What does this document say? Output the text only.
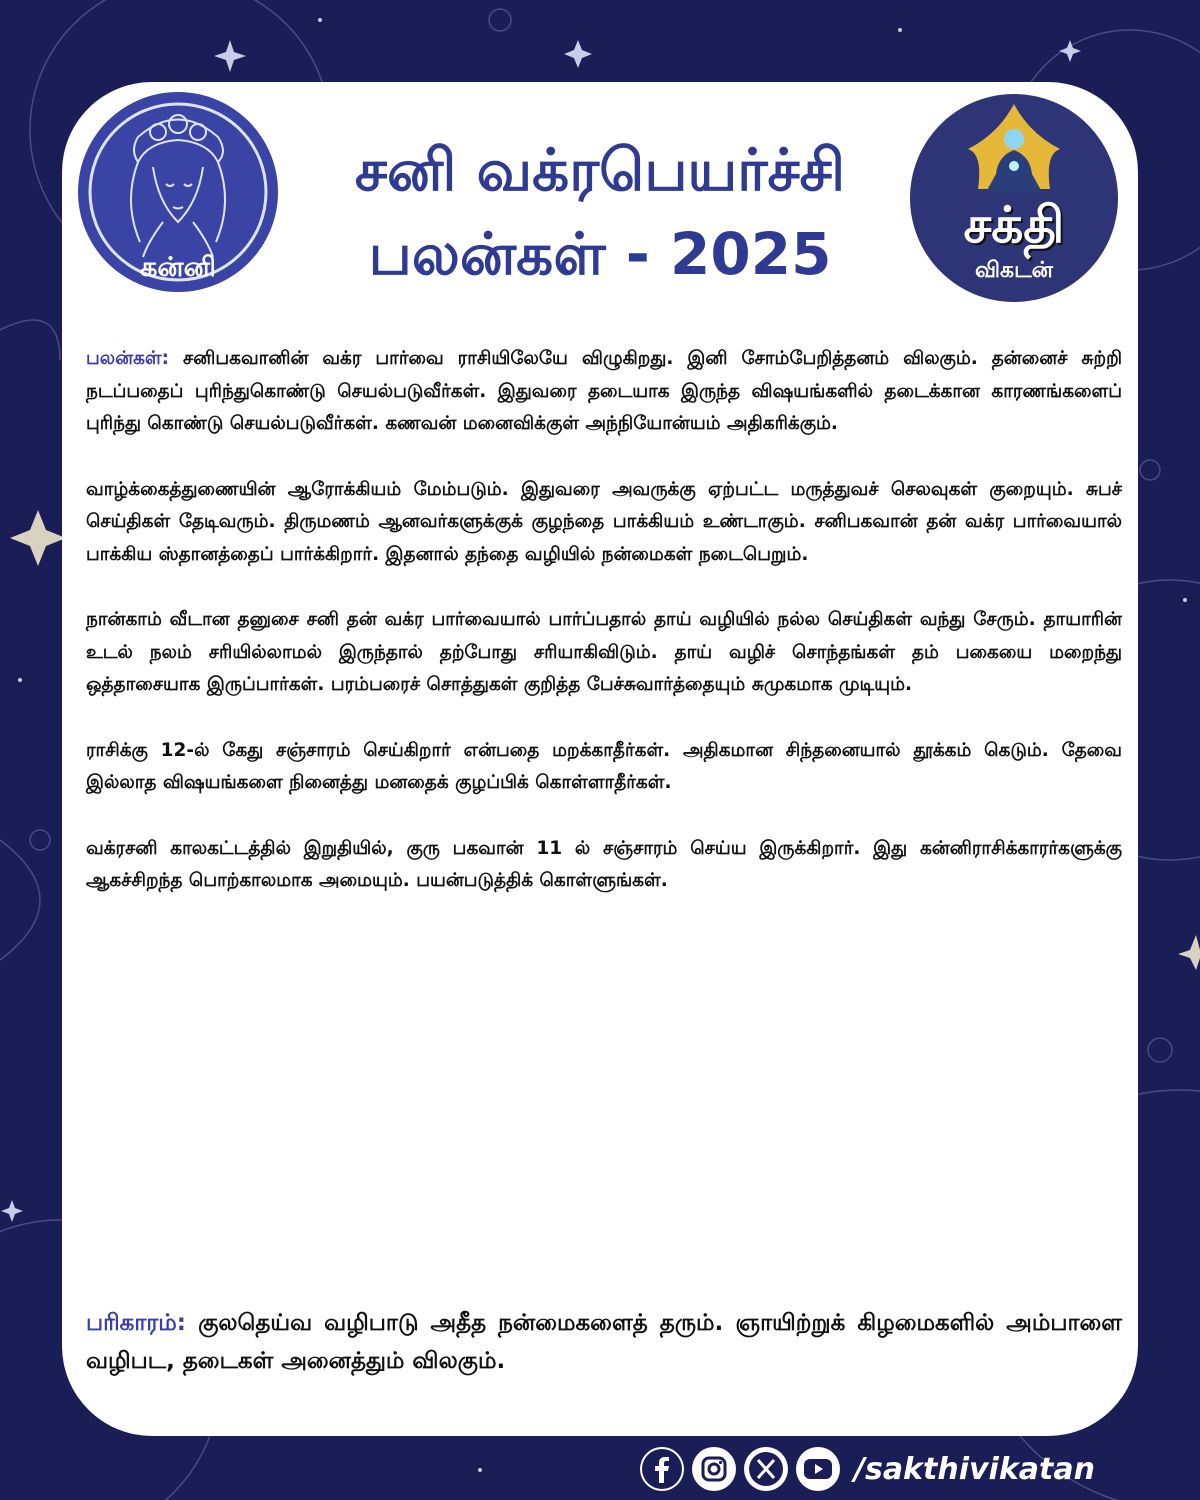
கன்னி
சனி வக்ரபெயர்ச்சி
பலன்கள் - 2025	சக்தி
விகடன்

பலன்கள்: சனிபகவானின் வக்ர பார்வை ராசியிலேயே விழுகிறது. இனி சோம்பேறித்தனம் விலகும். தன்னைச் சுற்றி நடப்பதைப் புரிந்துகொண்டு செயல்படுவீர்கள். இதுவரை தடையாக இருந்த விஷயங்களில் தடைக்கான காரணங்களைப் புரிந்து கொண்டு செயல்படுவீர்கள். கணவன் மனைவிக்குள் அந்நியோன்யம் அதிகரிக்கும்.

வாழ்க்கைத்துணையின் ஆரோக்கியம் மேம்படும். இதுவரை அவருக்கு ஏற்பட்ட மருத்துவச் செலவுகள் குறையும். சுபச் செய்திகள் தேடிவரும். திருமணம் ஆனவர்களுக்குக் குழந்தை பாக்கியம் உண்டாகும். சனிபகவான் தன் வக்ர பார்வையால் பாக்கிய ஸ்தானத்தைப் பார்க்கிறார். இதனால் தந்தை வழியில் நன்மைகள் நடைபெறும்.

நான்காம் வீடான தனுசை சனி தன் வக்ர பார்வையால் பார்ப்பதால் தாய் வழியில் நல்ல செய்திகள் வந்து சேரும். தாயாரின் உடல் நலம் சரியில்லாமல் இருந்தால் தற்போது சரியாகிவிடும். தாய் வழிச் சொந்தங்கள் தம் பகையை மறைந்து ஒத்தாசையாக இருப்பார்கள். பரம்பரைச் சொத்துகள் குறித்த பேச்சுவார்த்தையும் சுமுகமாக முடியும்.

ராசிக்கு 12-ல் கேது சஞ்சாரம் செய்கிறார் என்பதை மறக்காதீர்கள். அதிகமான சிந்தனையால் தூக்கம் கெடும். தேவை இல்லாத விஷயங்களை நினைத்து மனதைக் குழப்பிக் கொள்ளாதீர்கள்.

வக்ரசனி காலகட்டத்தில் இறுதியில், குரு பகவான் 11 ல் சஞ்சாரம் செய்ய இருக்கிறார். இது கன்னிராசிக்காரர்களுக்கு ஆகச்சிறந்த பொற்காலமாக அமையும். பயன்படுத்திக் கொள்ளுங்கள்.

பரிகாரம்: குலதெய்வ வழிபாடு அதீத நன்மைகளைத் தரும். ஞாயிற்றுக் கிழமைகளில் அம்பாளை வழிபட, தடைகள் அனைத்தும் விலகும்.
/sakthivikatan
